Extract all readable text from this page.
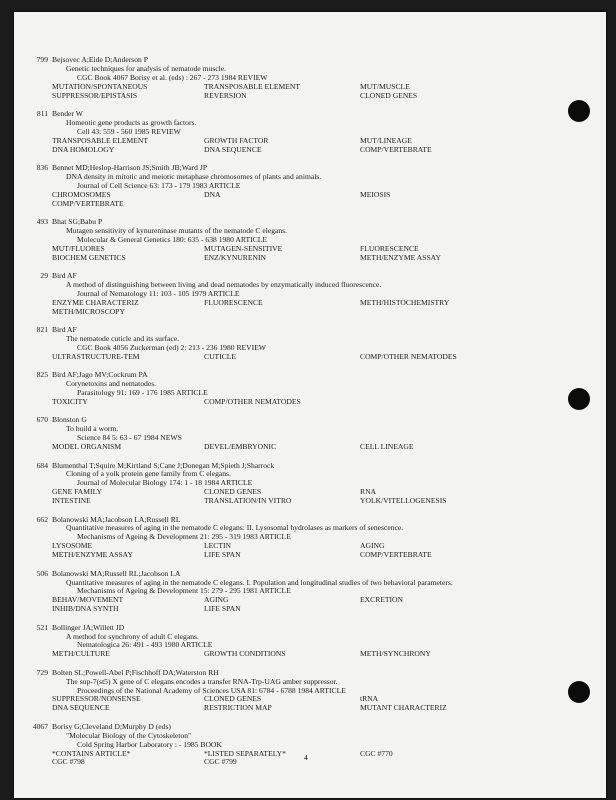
799 Bejsovec A;Eide D;Anderson P
Genetic techniques for analysis of nematode muscle.
CGC Book 4067 Borisy et al. (eds) : 267 - 273 1984 REVIEW
MUTATION/SPONTANEOUS	TRANSPOSABLE ELEMENT	MUT/MUSCLE
SUPPRESSOR/EPISTASIS	REVERSION	CLONED GENES
811 Bender W
Homeotic gene products as growth factors.
Cell 43: 559 - 560 1985 REVIEW
TRANSPOSABLE ELEMENT	GROWTH FACTOR	MUT/LINEAGE
DNA HOMOLOGY	DNA SEQUENCE	COMP/VERTEBRATE
836 Bennet MD;Heslop-Harrison JS;Smith JB;Ward JP
DNA density in mitotic and meiotic metaphase chromosomes of plants and animals.
Journal of Cell Science 63: 173 - 179 1983 ARTICLE
CHROMOSOMES	DNA	MEIOSIS
COMP/VERTEBRATE
493 Bhat SG;Babu P
Mutagen sensitivity of kynureninase mutants of the nematode C elegans.
Molecular & General Genetics 180: 635 - 638 1980 ARTICLE
MUT/FLUORES	MUTAGEN-SENSITIVE	FLUORESCENCE
BIOCHEM GENETICS	ENZ/KYNURENIN	METH/ENZYME ASSAY
29 Bird AF
A method of distinguishing between living and dead nematodes by enzymatically induced fluorescence.
Journal of Nematology 11: 103 - 105 1979 ARTICLE
ENZYME CHARACTERIZ	FLUORESCENCE	METH/HISTOCHEMISTRY
METH/MICROSCOPY
821 Bird AF
The nematode cuticle and its surface.
CGC Book 4056 Zuckerman (ed) 2: 213 - 236 1980 REVIEW
ULTRASTRUCTURE-TEM	CUTICLE	COMP/OTHER NEMATODES
825 Bird AF;Jago MV;Cockrum PA
Corynetoxins and nematodes.
Parasitology 91: 169 - 176 1985 ARTICLE
TOXICITY	COMP/OTHER NEMATODES
670 Blonston G
To build a worm.
Science 84 5: 63 - 67 1984 NEWS
MODEL ORGANISM	DEVEL/EMBRYONIC	CELL LINEAGE
684 Blumenthal T;Squire M;Kirtland S;Cane J;Donegan M;Spieth J;Sharrock
Cloning of a yolk protein gene family from C elegans.
Journal of Molecular Biology 174: 1 - 18 1984 ARTICLE
GENE FAMILY	CLONED GENES	RNA
INTESTINE	TRANSLATION/IN VITRO	YOLK/VITELLOGENESIS
662 Bolanowski MA;Jacobson LA;Russell RL
Quantitative measures of aging in the nematode C elegans: II. Lysosomal hydrolases as markers of senescence.
Mechanisms of Ageing & Development 21: 295 - 319 1983 ARTICLE
LYSOSOME	LECTIN	AGING
METH/ENZYME ASSAY	LIFE SPAN	COMP/VERTEBRATE
506 Bolanowski MA;Russell RL;Jacobson LA
Quantitative measures of aging in the nematode C elegans. I. Population and longitudinal studies of two behavioral parameters.
Mechanisms of Ageing & Development 15: 279 - 295 1981 ARTICLE
BEHAV/MOVEMENT	AGING	EXCRETION
INHIB/DNA SYNTH	LIFE SPAN
521 Bollinger JA;Willett JD
A method for synchrony of adult C elegans.
Nematologica 26: 491 - 493 1980 ARTICLE
METH/CULTURE	GROWTH CONDITIONS	METH/SYNCHRONY
729 Bolten SL;Powell-Abel P;Fischhoff DA;Waterston RH
The sup-7(st5) X gene of C elegans encodes a transfer RNA-Trp-UAG amber suppressor.
Proceedings of the National Academy of Sciences USA 81: 6784 - 6788 1984 ARTICLE
SUPPRESSOR/NONSENSE	CLONED GENES	tRNA
DNA SEQUENCE	RESTRICTION MAP	MUTANT CHARACTERIZ
4067 Borisy G;Cleveland D;Murphy D (eds)
"Molecular Biology of the Cytoskeleton"
Cold Spring Harbor Laboratory : - 1985 BOOK
*CONTAINS ARTICLE*	*LISTED SEPARATELY*	CGC #770
CGC #798	CGC #799	4
